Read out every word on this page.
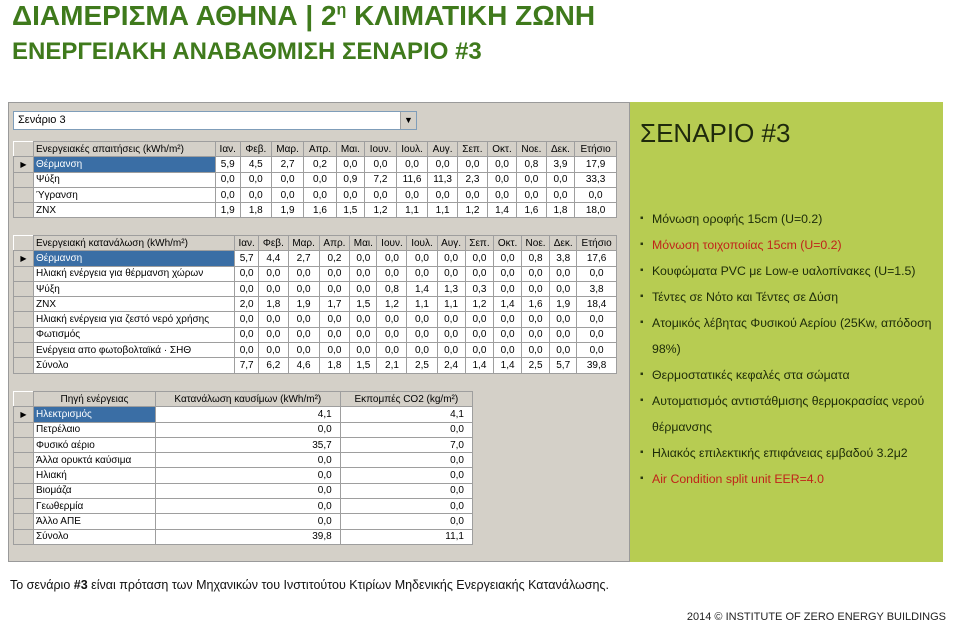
ΔΙΑΜΕΡΙΣΜΑ ΑΘΗΝΑ | $2^\eta$ ΚΛΙΜΑΤΙΚΗ ΖΩΝΗ
ΕΝΕΡΓΕΙΑΚΗ ΑΝΑΒΑΘΜΙΣΗ ΣΕΝΑΡΙΟ #3
Σενάριο 3	▼
	Ενεργειακές απαιτήσεις (kWh/m²)	Ιαν.	Φεβ.	Μαρ.	Απρ.	Μαι.	Ιουν.	Ιουλ.	Αυγ.	Σεπ.	Οκτ.	Νοε.	Δεκ.	Ετήσιο
▶	Θέρμανση	5,9	4,5	2,7	0,2	0,0	0,0	0,0	0,0	0,0	0,0	0,8	3,9	17,9
	Ψύξη	0,0	0,0	0,0	0,0	0,9	7,2	11,6	11,3	2,3	0,0	0,0	0,0	33,3
	Ύγρανση	0,0	0,0	0,0	0,0	0,0	0,0	0,0	0,0	0,0	0,0	0,0	0,0	0,0
	ZNX	1,9	1,8	1,9	1,6	1,5	1,2	1,1	1,1	1,2	1,4	1,6	1,8	18,0
	Ενεργειακή κατανάλωση (kWh/m²)	Ιαν.	Φεβ.	Μαρ.	Απρ.	Μαι.	Ιουν.	Ιουλ.	Αυγ.	Σεπ.	Οκτ.	Νοε.	Δεκ.	Ετήσιο
▶	Θέρμανση	5,7	4,4	2,7	0,2	0,0	0,0	0,0	0,0	0,0	0,0	0,8	3,8	17,6
	Ηλιακή ενέργεια για θέρμανση χώρων	0,0	0,0	0,0	0,0	0,0	0,0	0,0	0,0	0,0	0,0	0,0	0,0	0,0
	Ψύξη	0,0	0,0	0,0	0,0	0,0	0,8	1,4	1,3	0,3	0,0	0,0	0,0	3,8
	ZNX	2,0	1,8	1,9	1,7	1,5	1,2	1,1	1,1	1,2	1,4	1,6	1,9	18,4
	Ηλιακή ενέργεια για ζεστό νερό χρήσης	0,0	0,0	0,0	0,0	0,0	0,0	0,0	0,0	0,0	0,0	0,0	0,0	0,0
	Φωτισμός	0,0	0,0	0,0	0,0	0,0	0,0	0,0	0,0	0,0	0,0	0,0	0,0	0,0
	Ενέργεια απο φωτοβολταϊκά · ΣΗΘ	0,0	0,0	0,0	0,0	0,0	0,0	0,0	0,0	0,0	0,0	0,0	0,0	0,0
	Σύνολο	7,7	6,2	4,6	1,8	1,5	2,1	2,5	2,4	1,4	1,4	2,5	5,7	39,8
	Πηγή ενέργειας	Κατανάλωση καυσίμων (kWh/m²)	Εκπομπές CO2 (kg/m²)
▶	Ηλεκτρισμός	4,1	4,1
	Πετρέλαιο	0,0	0,0
	Φυσικό αέριο	35,7	7,0
	Άλλα ορυκτά καύσιμα	0,0	0,0
	Ηλιακή	0,0	0,0
	Βιομάζα	0,0	0,0
	Γεωθερμία	0,0	0,0
	Άλλο ΑΠΕ	0,0	0,0
	Σύνολο	39,8	11,1
ΣΕΝΑΡΙΟ #3
▪ Μόνωση οροφής 15cm (U=0.2)
▪ Μόνωση τοιχοποιίας 15cm (U=0.2)
▪ Κουφώματα PVC με Low-e υαλοπίνακες (U=1.5)
▪ Τέντες σε Νότο και Τέντες σε Δύση
▪ Ατομικός λέβητας Φυσικού Αερίου (25Kw, απόδοση 98%)
▪ Θερμοστατικές κεφαλές στα σώματα
▪ Αυτοματισμός αντιστάθμισης θερμοκρασίας νερού θέρμανσης
▪ Ηλιακός επιλεκτικής επιφάνειας εμβαδού 3.2μ2
▪ Air Condition split unit EER=4.0
Το σενάριο #3 είναι πρόταση των Μηχανικών του Ινστιτούτου Κτιρίων Μηδενικής Ενεργειακής Κατανάλωσης.
2014 © INSTITUTE OF ZERO ENERGY BUILDINGS
